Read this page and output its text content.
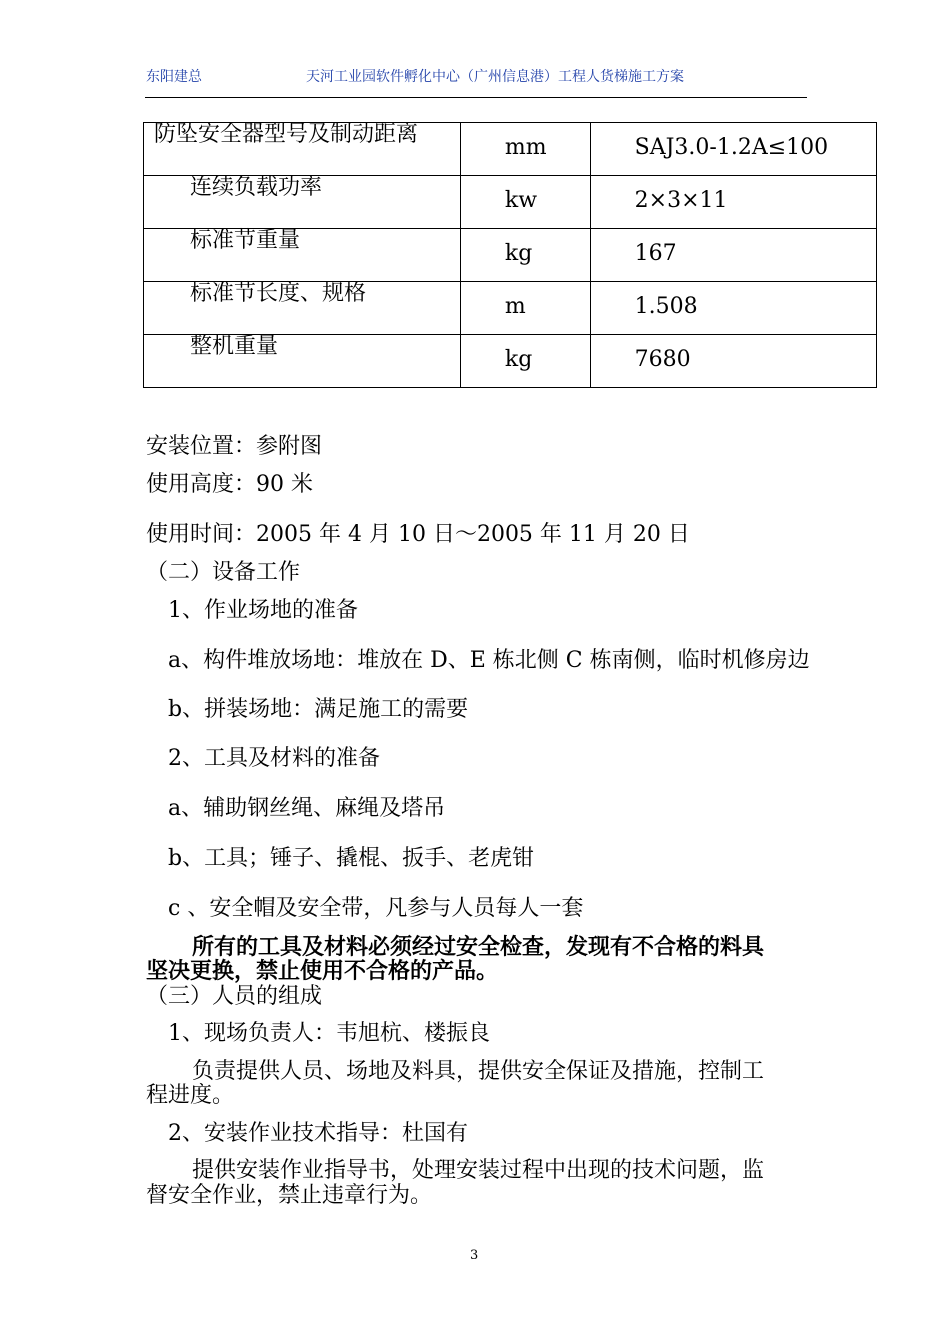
东阳建总	天河工业园软件孵化中心（广州信息港）工程人货梯施工方案
防坠安全器型号及制动距离	mm	SAJ3.0-1.2A≤100

连续负载功率	kw	2×3×11

标准节重量	kg	167

标准节长度、规格	m	1.508

整机重量	kg	7680
安装位置：参附图
使用高度：90 米
使用时间：2005 年 4 月 10 日～2005 年 11 月 20 日
（二）设备工作
1、作业场地的准备
a、构件堆放场地：堆放在 D、E 栋北侧 C 栋南侧，临时机修房边
b、拼装场地：满足施工的需要
2、工具及材料的准备
a、辅助钢丝绳、麻绳及塔吊
b、工具；锤子、撬棍、扳手、老虎钳
c 、安全帽及安全带，凡参与人员每人一套
所有的工具及材料必须经过安全检查，发现有不合格的料具
坚决更换，禁止使用不合格的产品。
（三）人员的组成
1、现场负责人：韦旭杭、楼振良
负责提供人员、场地及料具，提供安全保证及措施，控制工
程进度。
2、安装作业技术指导：杜国有
提供安装作业指导书，处理安装过程中出现的技术问题，监
督安全作业，禁止违章行为。
3
